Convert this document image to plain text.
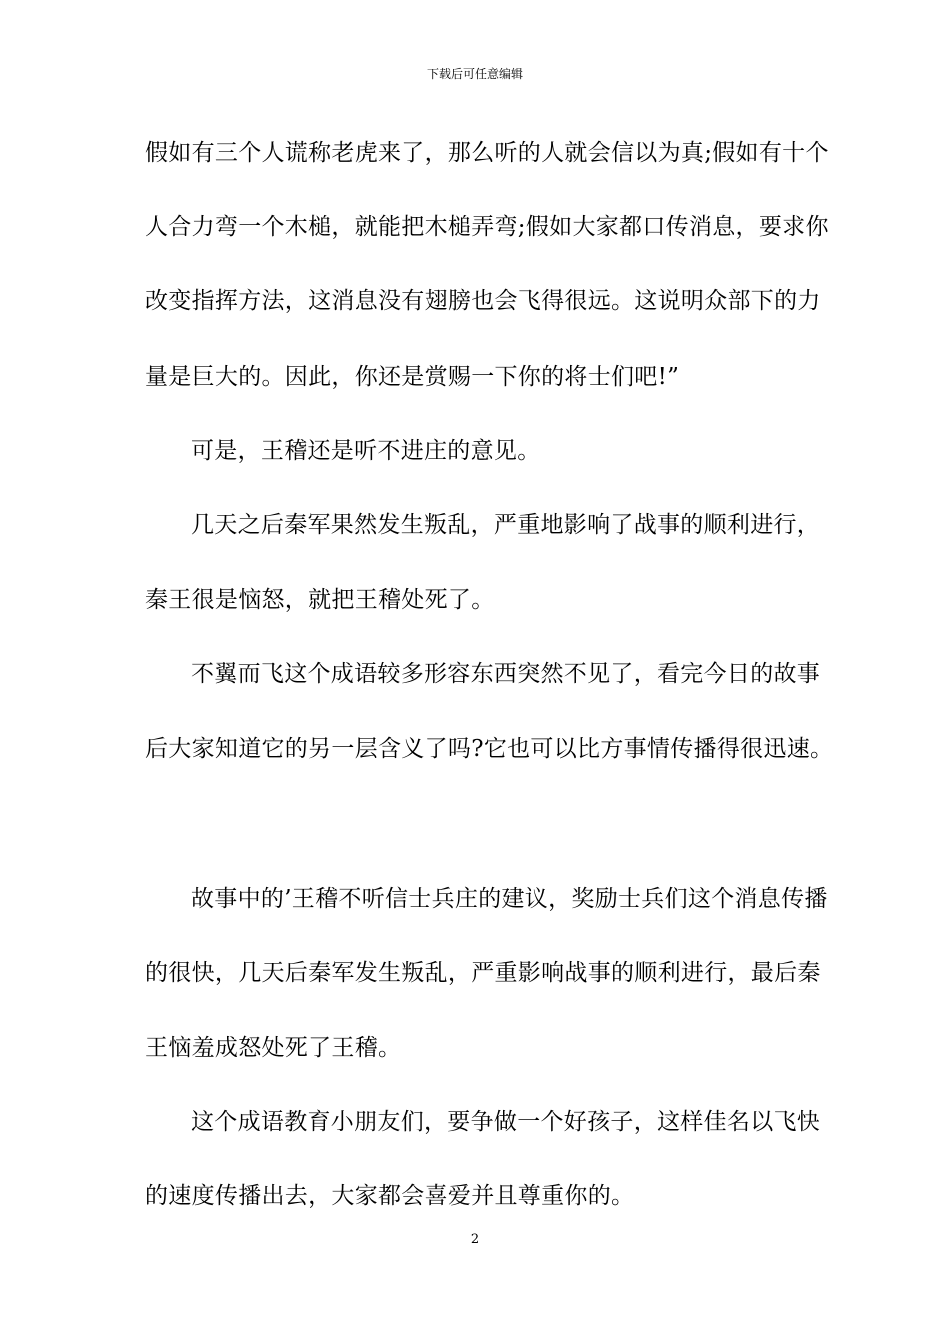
下载后可任意编辑
假如有三个人谎称老虎来了，那么听的人就会信以为真;假如有十个
人合力弯一个木槌，就能把木槌弄弯;假如大家都口传消息，要求你
改变指挥方法，这消息没有翅膀也会飞得很远。这说明众部下的力
量是巨大的。因此，你还是赏赐一下你的将士们吧!”
可是，王稽还是听不进庄的意见。
几天之后秦军果然发生叛乱，严重地影响了战事的顺利进行，
秦王很是恼怒，就把王稽处死了。
不翼而飞这个成语较多形容东西突然不见了，看完今日的故事
后大家知道它的另一层含义了吗?它也可以比方事情传播得很迅速。
故事中的’王稽不听信士兵庄的建议，奖励士兵们这个消息传播
的很快，几天后秦军发生叛乱，严重影响战事的顺利进行，最后秦
王恼羞成怒处死了王稽。
这个成语教育小朋友们，要争做一个好孩子，这样佳名以飞快
的速度传播出去，大家都会喜爱并且尊重你的。
2
